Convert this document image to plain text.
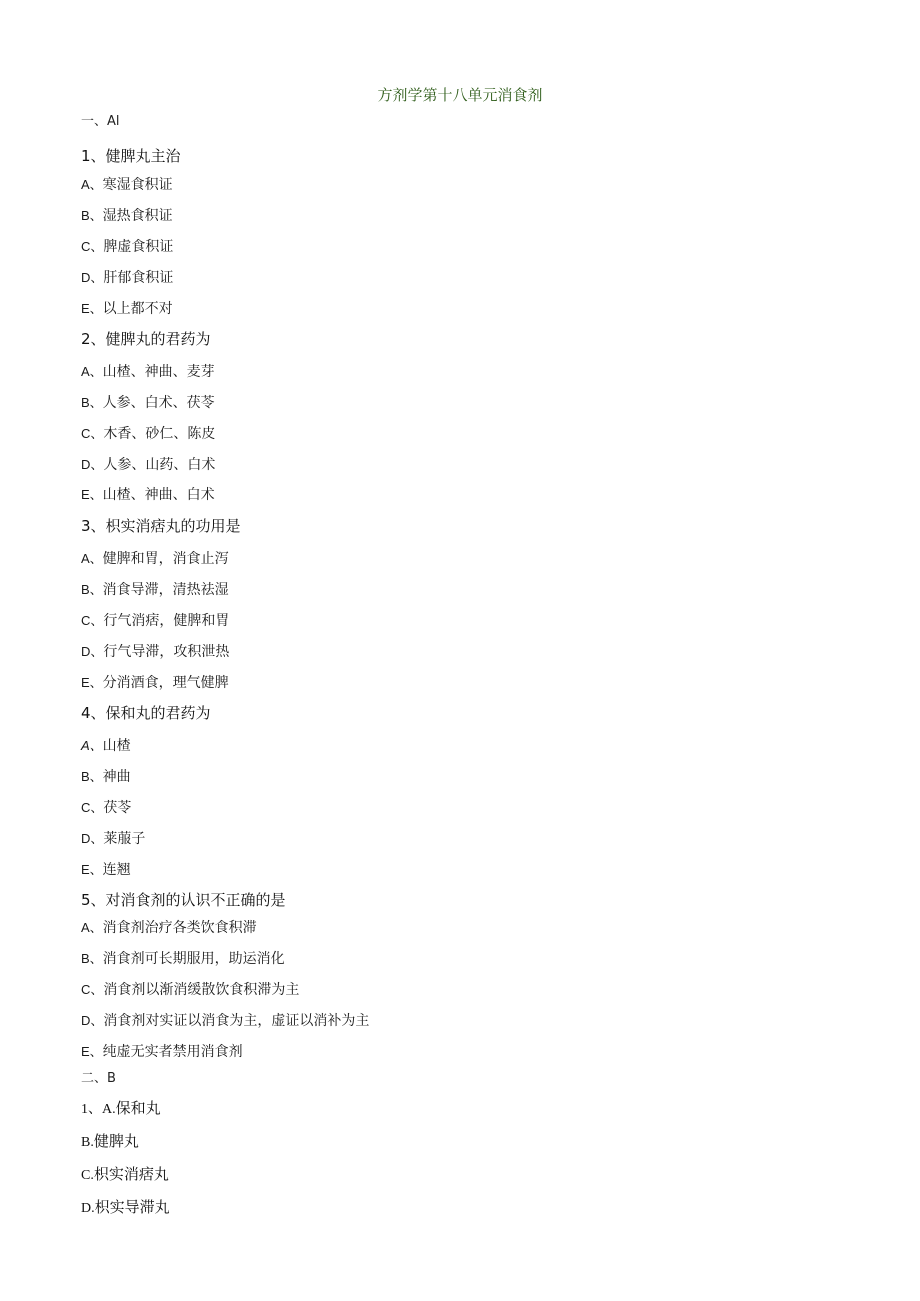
方剂学第十八单元消食剂
一、Al
1、健脾丸主治
A、寒湿食积证
B、湿热食积证
C、脾虚食积证
D、肝郁食积证
E、以上都不对
2、健脾丸的君药为
A、山楂、神曲、麦芽
B、人参、白术、茯苓
C、木香、砂仁、陈皮
D、人参、山药、白术
E、山楂、神曲、白术
3、枳实消痞丸的功用是
A、健脾和胃，消食止泻
B、消食导滞，清热祛湿
C、行气消痞，健脾和胃
D、行气导滞，攻积泄热
E、分消酒食，理气健脾
4、保和丸的君药为
A、山楂
B、神曲
C、茯苓
D、莱菔子
E、连翘
5、对消食剂的认识不正确的是
A、消食剂治疗各类饮食积滞
B、消食剂可长期服用，助运消化
C、消食剂以渐消缓散饮食积滞为主
D、消食剂对实证以消食为主，虚证以消补为主
E、纯虚无实者禁用消食剂
二、B
1、A.保和丸
B.健脾丸
C.枳实消痞丸
D.枳实导滞丸
